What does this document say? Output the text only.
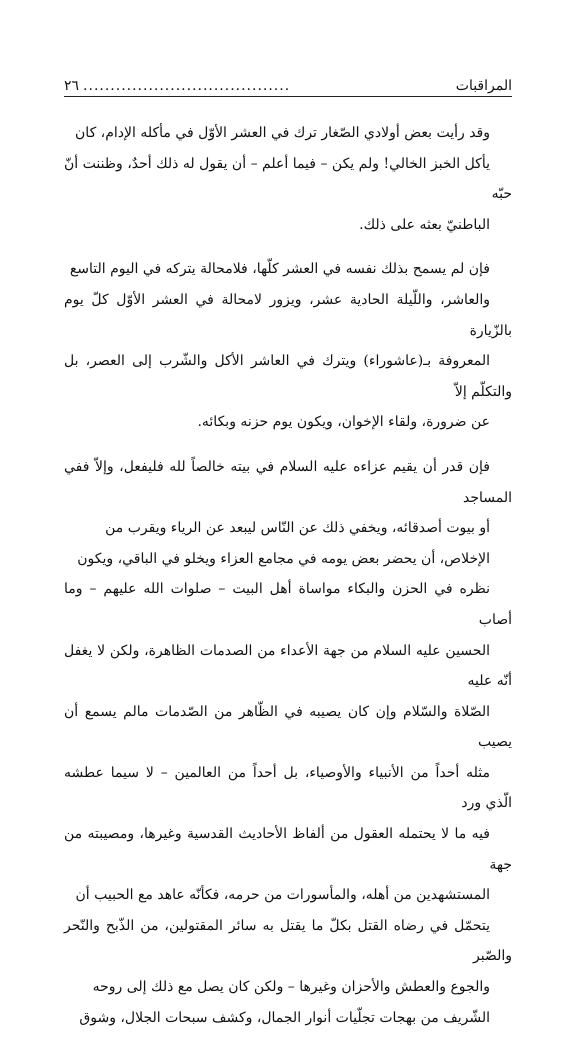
٢٦ ......................................	المراقبات

وقد رأيت بعض أولادي الصّغار ترك في العشر الأوّل في مأكله الإدام، كان
يأكل الخبز الخالي! ولم يكن – فيما أعلم – أن يقول له ذلك أحدٌ، وظننت أنّ حبّه
الباطنيّ بعثه على ذلك.

فإن لم يسمح بذلك نفسه في العشر كلّها، فلامحالة يتركه في اليوم التاسع
والعاشر، واللّيلة الحادية عشر، ويزور لامحالة في العشر الأوّل كلّ يوم بالزّيارة
المعروفة بـ(عاشوراء) ويترك في العاشر الأكل والشّرب إلى العصر، بل والتكلّم إلاّ
عن ضرورة، ولقاء الإخوان، ويكون يوم حزنه وبكائه.

فإن قدر أن يقيم عزاءه عليه السلام في بيته خالصاً لله فليفعل، وإلاّ ففي المساجد
أو بيوت أصدقائه، ويخفي ذلك عن النّاس ليبعد عن الرياء ويقرب من
الإخلاص، أن يحضر بعض يومه في مجامع العزاء ويخلو في الباقي، ويكون
نظره في الحزن والبكاء مواساة أهل البيت – صلوات الله عليهم – وما أصاب
الحسين عليه السلام من جهة الأعداء من الصدمات الظاهرة، ولكن لا يغفل أنّه عليه
الصّلاة والسّلام وإن كان يصيبه في الظّاهر من الصّدمات مالم يسمع أن يصيب
مثله أحداً من الأنبياء والأوصياء، بل أحداً من العالمين – لا سيما عطشه الّذي ورد
فيه ما لا يحتمله العقول من ألفاظ الأحاديث القدسية وغيرها، ومصيبته من جهة
المستشهدين من أهله، والمأسورات من حرمه، فكأنّه عاهد مع الحبيب أن
يتحمّل في رضاه القتل بكلّ ما يقتل به سائر المقتولين، من الذّبح والنّحر والصّبر
والجوع والعطش والأحزان وغيرها – ولكن كان يصل مع ذلك إلى روحه
الشّريف من بهجات تجلّيات أنوار الجمال، وكشف سبحات الجلال، وشوق
